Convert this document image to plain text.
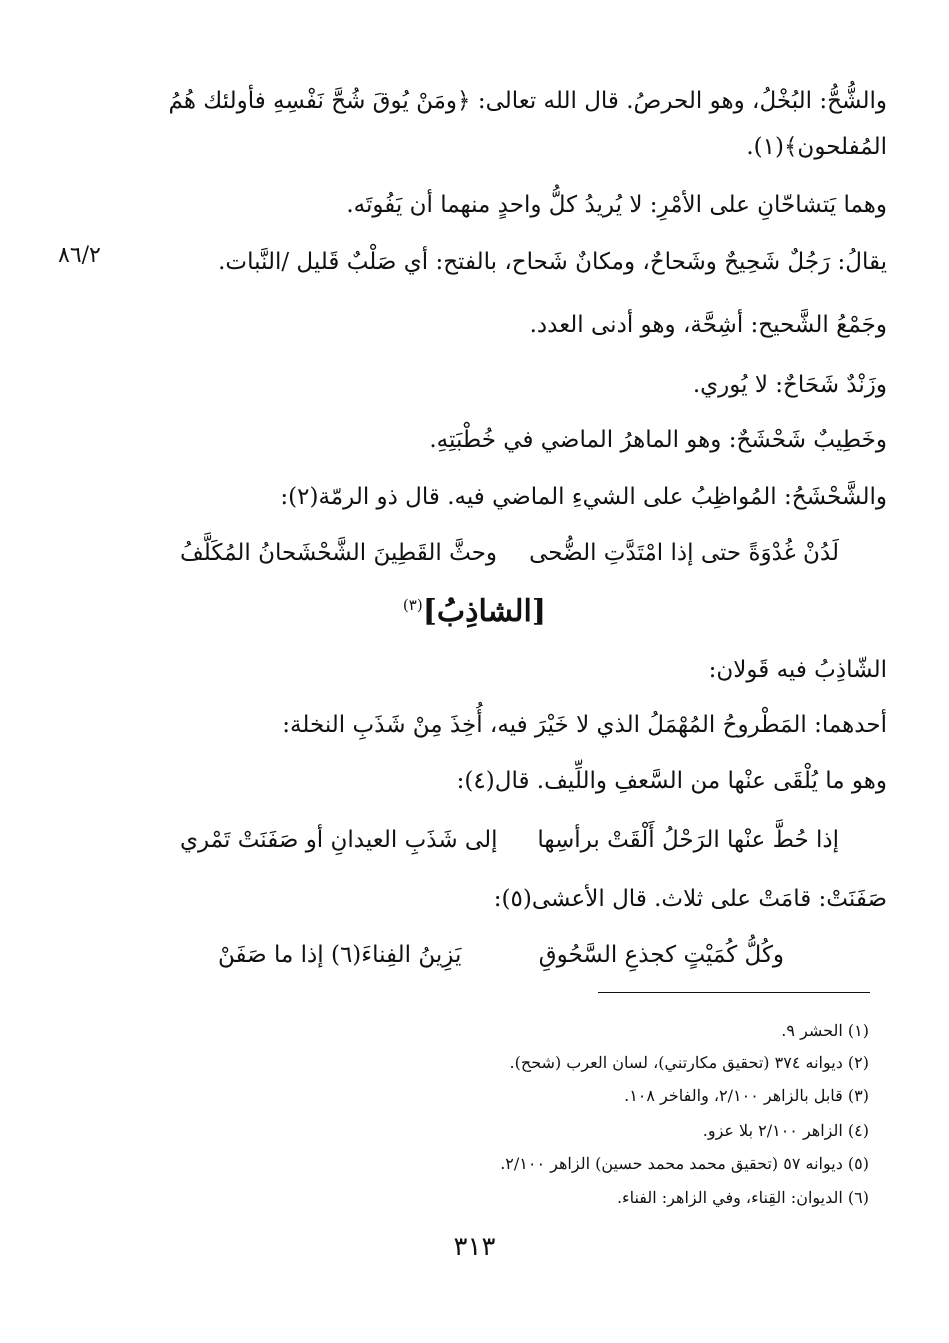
٨٦/٢
والشُّحُّ: البُخْلُ، وهو الحرصُ. قال الله تعالى: ﴿ومَنْ يُوقَ شُحَّ نَفْسِهِ فأولئك هُمُ
المُفلحون﴾(١).
وهما يَتشاحّانِ على الأمْرِ: لا يُريدُ كلُّ واحدٍ منهما أن يَفُوتَه.
يقالُ: رَجُلٌ شَحِيحٌ وشَحاحٌ، ومكانٌ شَحاح، بالفتح: أي صَلْبٌ قَليل /النَّبات.
وجَمْعُ الشَّحيح: أشِحَّة، وهو أدنى العدد.
وزَنْدٌ شَحَاحٌ: لا يُوري.
وخَطِيبٌ شَحْشَحٌ: وهو الماهرُ الماضي في خُطْبَتِهِ.
والشَّحْشَحُ: المُواظِبُ على الشيءِ الماضي فيه. قال ذو الرمّة(٢):
لَدُنْ غُدْوَةً حتى إذا امْتَدَّتِ الضُّحى
وحثَّ القَطِينَ الشَّحْشَحانُ المُكَلَّفُ
[الشاذِبُ]$^{(٣)}$
الشّاذِبُ فيه قَولان:
أحدهما: المَطْروحُ المُهْمَلُ الذي لا خَيْرَ فيه، أُخِذَ مِنْ شَذَبِ النخلة:
وهو ما يُلْقَى عنْها من السَّعفِ واللِّيف. قال(٤):
إذا حُطَّ عنْها الرَحْلُ أَلْقَتْ برأسِها
إلى شَذَبِ العيدانِ أو صَفَنَتْ تَمْري
صَفَنَتْ: قامَتْ على ثلاث. قال الأعشى(٥):
وكُلُّ كُمَيْتٍ كجذعِ السَّحُوقِ
يَزِينُ الفِناءَ(٦) إذا ما صَفَنْ
(١) الحشر ٩.
(٢) ديوانه ٣٧٤ (تحقيق مكارتني)، لسان العرب (شحح).
(٣) قابل بالزاهر ٢/١٠٠، والفاخر ١٠٨.
(٤) الزاهر ٢/١٠٠ بلا عزو.
(٥) ديوانه ٥٧ (تحقيق محمد محمد حسين) الزاهر ٢/١٠٠.
(٦) الديوان: القِناء، وفي الزاهر: الفناء.
٣١٣
